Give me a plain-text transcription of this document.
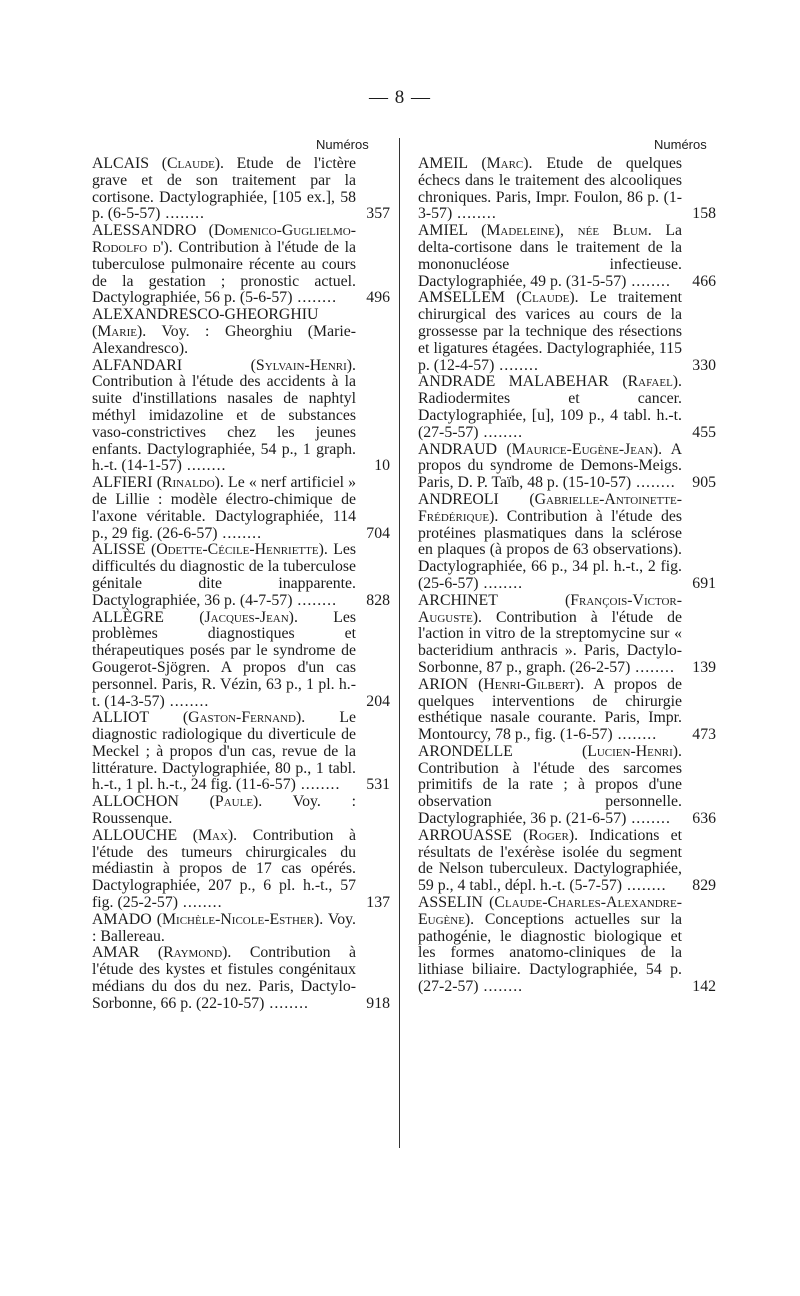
— 8 —
Numéros	Numéros

ALCAIS (Claude). Etude de l'ictère grave et de son traitement par la cortisone. Dactylographiée, [105 ex.], 58 p. (6-5-57) ........	357

ALESSANDRO (Domenico-Guglielmo-Rodolfo d'). Contribution à l'étude de la tuberculose pulmonaire récente au cours de la gestation ; pronostic actuel. Dactylographiée, 56 p. (5-6-57) ........	496

ALEXANDRESCO-GHEORGHIU (Marie). Voy. : Gheorghiu (Marie-Alexandresco).

ALFANDARI	(Sylvain-Henri). Contribution à l'étude des accidents à la suite d'instillations nasales de naphtyl méthyl imidazoline et de substances vaso-constrictives chez les jeunes enfants. Dactylographiée, 54 p., 1 graph. h.-t. (14-1-57) ........	10

ALFIERI (Rinaldo). Le « nerf artificiel » de Lillie : modèle électro-chimique de l'axone véritable. Dactylographiée, 114 p., 29 fig. (26-6-57) ........	704

ALISSE (Odette-Cécile-Henriette). Les difficultés du diagnostic de la tuberculose génitale dite inapparente. Dactylographiée, 36 p. (4-7-57) ........	828

ALLÈGRE (Jacques-Jean). Les problèmes diagnostiques et thérapeutiques posés par le syndrome de Gougerot-Sjögren. A propos d'un cas personnel. Paris, R. Vézin, 63 p., 1 pl. h.-t. (14-3-57) ........	204

ALLIOT (Gaston-Fernand). Le diagnostic radiologique du diverticule de Meckel ; à propos d'un cas, revue de la littérature. Dactylographiée, 80 p., 1 tabl. h.-t., 1 pl. h.-t., 24 fig. (11-6-57) ........	531

ALLOCHON (Paule). Voy. : Roussenque.

ALLOUCHE (Max). Contribution à l'étude des tumeurs chirurgicales du médiastin à propos de 17 cas opérés. Dactylographiée, 207 p., 6 pl. h.-t., 57 fig. (25-2-57) ........	137

AMADO (Michèle-Nicole-Esther). Voy. : Ballereau.

AMAR (Raymond). Contribution à l'étude des kystes et fistules congénitaux médians du dos du nez. Paris, Dactylo-Sorbonne, 66 p. (22-10-57) ........	918

AMEIL (Marc). Etude de quelques échecs dans le traitement des alcooliques chroniques. Paris, Impr. Foulon, 86 p. (1-3-57) ........	158

AMIEL (Madeleine), née Blum. La delta-cortisone dans le traitement de la mononucléose infectieuse. Dactylographiée, 49 p. (31-5-57) ........	466

AMSELLEM (Claude). Le traitement chirurgical des varices au cours de la grossesse par la technique des résections et ligatures étagées. Dactylographiée, 115 p. (12-4-57) ........	330

ANDRADE MALABEHAR (Rafael). Radiodermites et cancer. Dactylographiée, [u], 109 p., 4 tabl. h.-t. (27-5-57) ........	455

ANDRAUD (Maurice-Eugène-Jean). A propos du syndrome de Demons-Meigs. Paris, D. P. Taïb, 48 p. (15-10-57) ........	905

ANDREOLI (Gabrielle-Antoinette-Frédérique). Contribution à l'étude des protéines plasmatiques dans la sclérose en plaques (à propos de 63 observations). Dactylographiée, 66 p., 34 pl. h.-t., 2 fig. (25-6-57) ........	691

ARCHINET	(François-Victor-Auguste). Contribution à l'étude de l'action in vitro de la streptomycine sur « bacteridium anthracis ». Paris, Dactylo-Sorbonne, 87 p., graph. (26-2-57) ........	139

ARION (Henri-Gilbert). A propos de quelques interventions de chirurgie esthétique nasale courante. Paris, Impr. Montourcy, 78 p., fig. (1-6-57) ........	473

ARONDELLE	(Lucien-Henri). Contribution à l'étude des sarcomes primitifs de la rate ; à propos d'une observation personnelle. Dactylographiée, 36 p. (21-6-57) ........	636

ARROUASSE (Roger). Indications et résultats de l'exérèse isolée du segment de Nelson tuberculeux. Dactylographiée, 59 p., 4 tabl., dépl. h.-t. (5-7-57) ........	829

ASSELIN (Claude-Charles-Alexandre-Eugène). Conceptions actuelles sur la pathogénie, le diagnostic biologique et les formes anatomo-cliniques de la lithiase biliaire. Dactylographiée, 54 p. (27-2-57) ........	142
